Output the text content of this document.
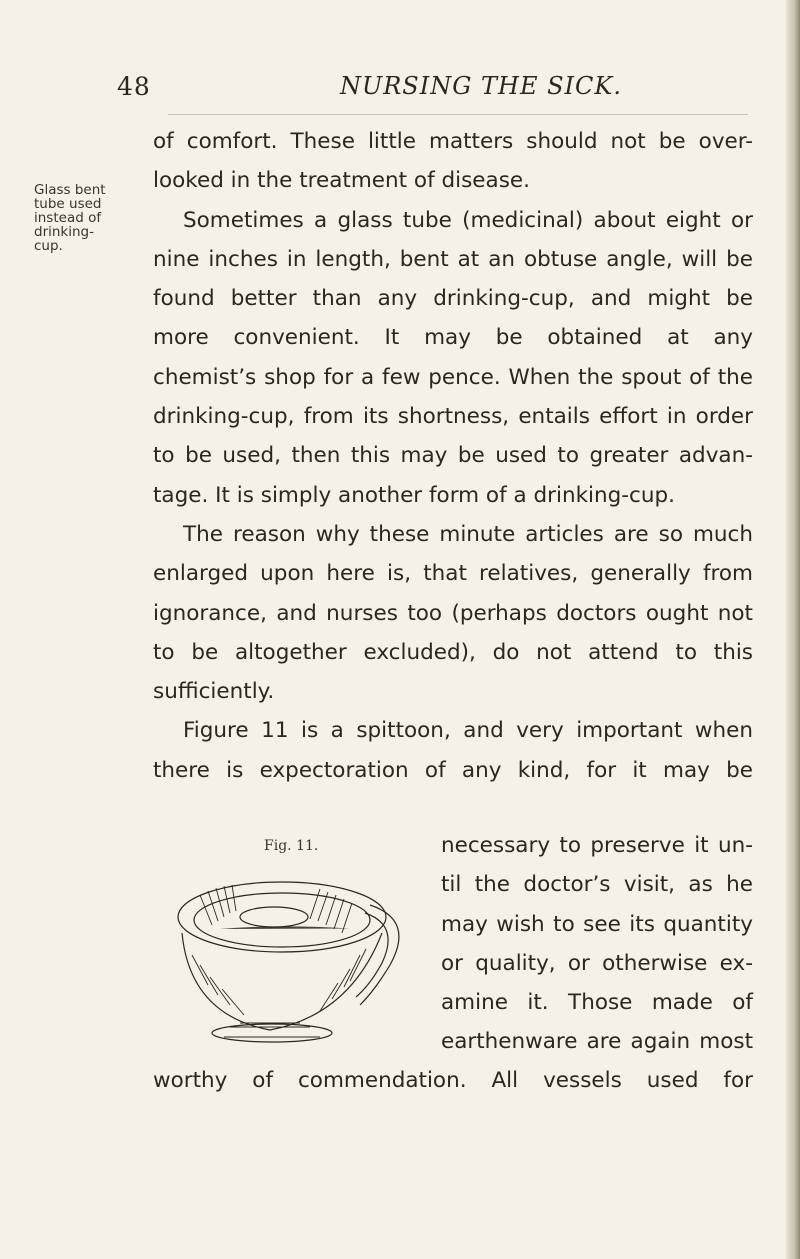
48	NURSING THE SICK.
Glass bent
tube used
instead of
drinking-
cup.
of comfort. These little matters should not be over-
looked in the treatment of disease.
Sometimes a glass tube (medicinal) about eight or
nine inches in length, bent at an obtuse angle, will be
found better than any drinking-cup, and might be
more convenient. It may be obtained at any
chemist’s shop for a few pence. When the spout of the
drinking-cup, from its shortness, entails effort in order
to be used, then this may be used to greater advan-
tage. It is simply another form of a drinking-cup.
The reason why these minute articles are so much
enlarged upon here is, that relatives, generally from
ignorance, and nurses too (perhaps doctors ought not
to be altogether excluded), do not attend to this
sufficiently.
Figure 11 is a spittoon, and very important when
there is expectoration of any kind, for it may be
necessary to preserve it un-
til the doctor’s visit, as he
may wish to see its quantity
or quality, or otherwise ex-
amine it. Those made of
earthenware are again most
worthy of commendation. All vessels used for
Fig. 11.
